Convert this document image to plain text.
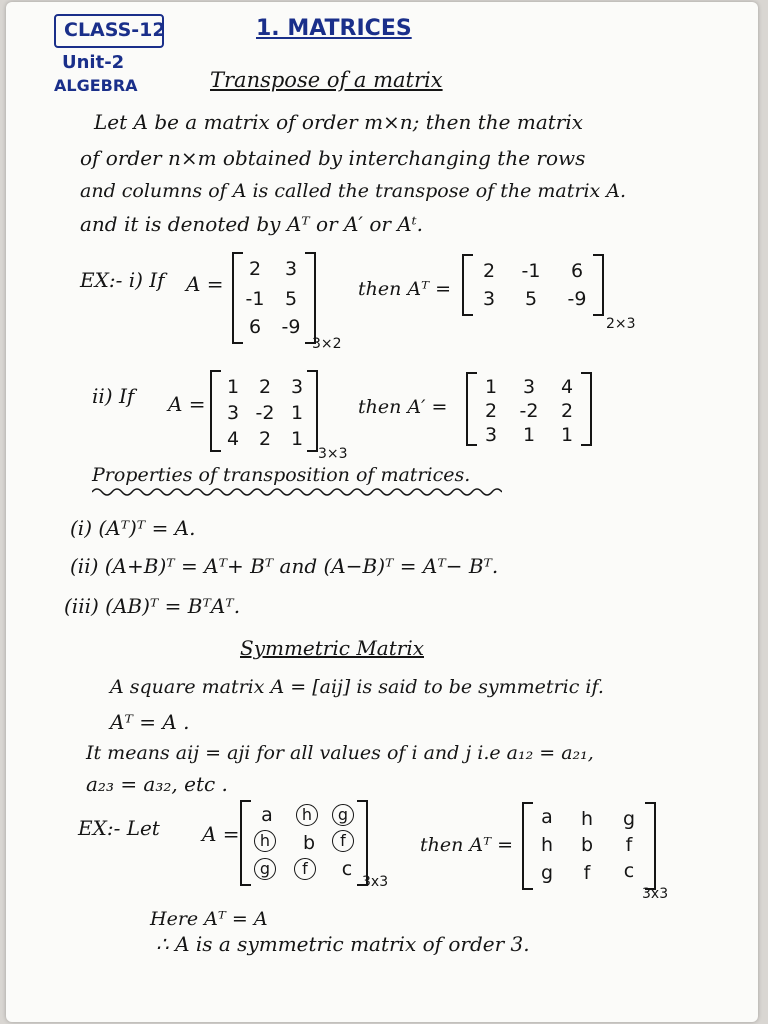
CLASS-12
Unit-2
ALGEBRA
1. MATRICES
Transpose of a matrix
Let A be a matrix of order m×n; then the matrix
of order n×m obtained by interchanging the rows
and columns of A is called the transpose of the matrix A.
and it is denoted by Aᵀ or A′ or Aᵗ.
EX:- i) If A =
2	3
-1	5
6	-9
3×2
then Aᵀ =
2	-1	6
3	5	-9
2×3
ii) If A =
1	2	3
3 -2 1
4	2	1
3×3
then A′ =
1	3	4
2	-2	2
3	1	1
Properties of transposition of matrices.
(i) (Aᵀ)ᵀ = A.
(ii) (A+B)ᵀ = Aᵀ+ Bᵀ and (A−B)ᵀ = Aᵀ− Bᵀ.
(iii) (AB)ᵀ = BᵀAᵀ.
Symmetric Matrix
A square matrix A = [aij] is said to be symmetric if.
Aᵀ = A .
It means aij = aji for all values of i and j i.e a₁₂ = a₂₁,
a₂₃ = a₃₂, etc .
EX:- Let A =
a	h	g
h	b	f
g	f	c
3x3
then Aᵀ =
a	h	g
h	b	f
g	f	c
3x3
Here Aᵀ = A
∴ A is a symmetric matrix of order 3.
